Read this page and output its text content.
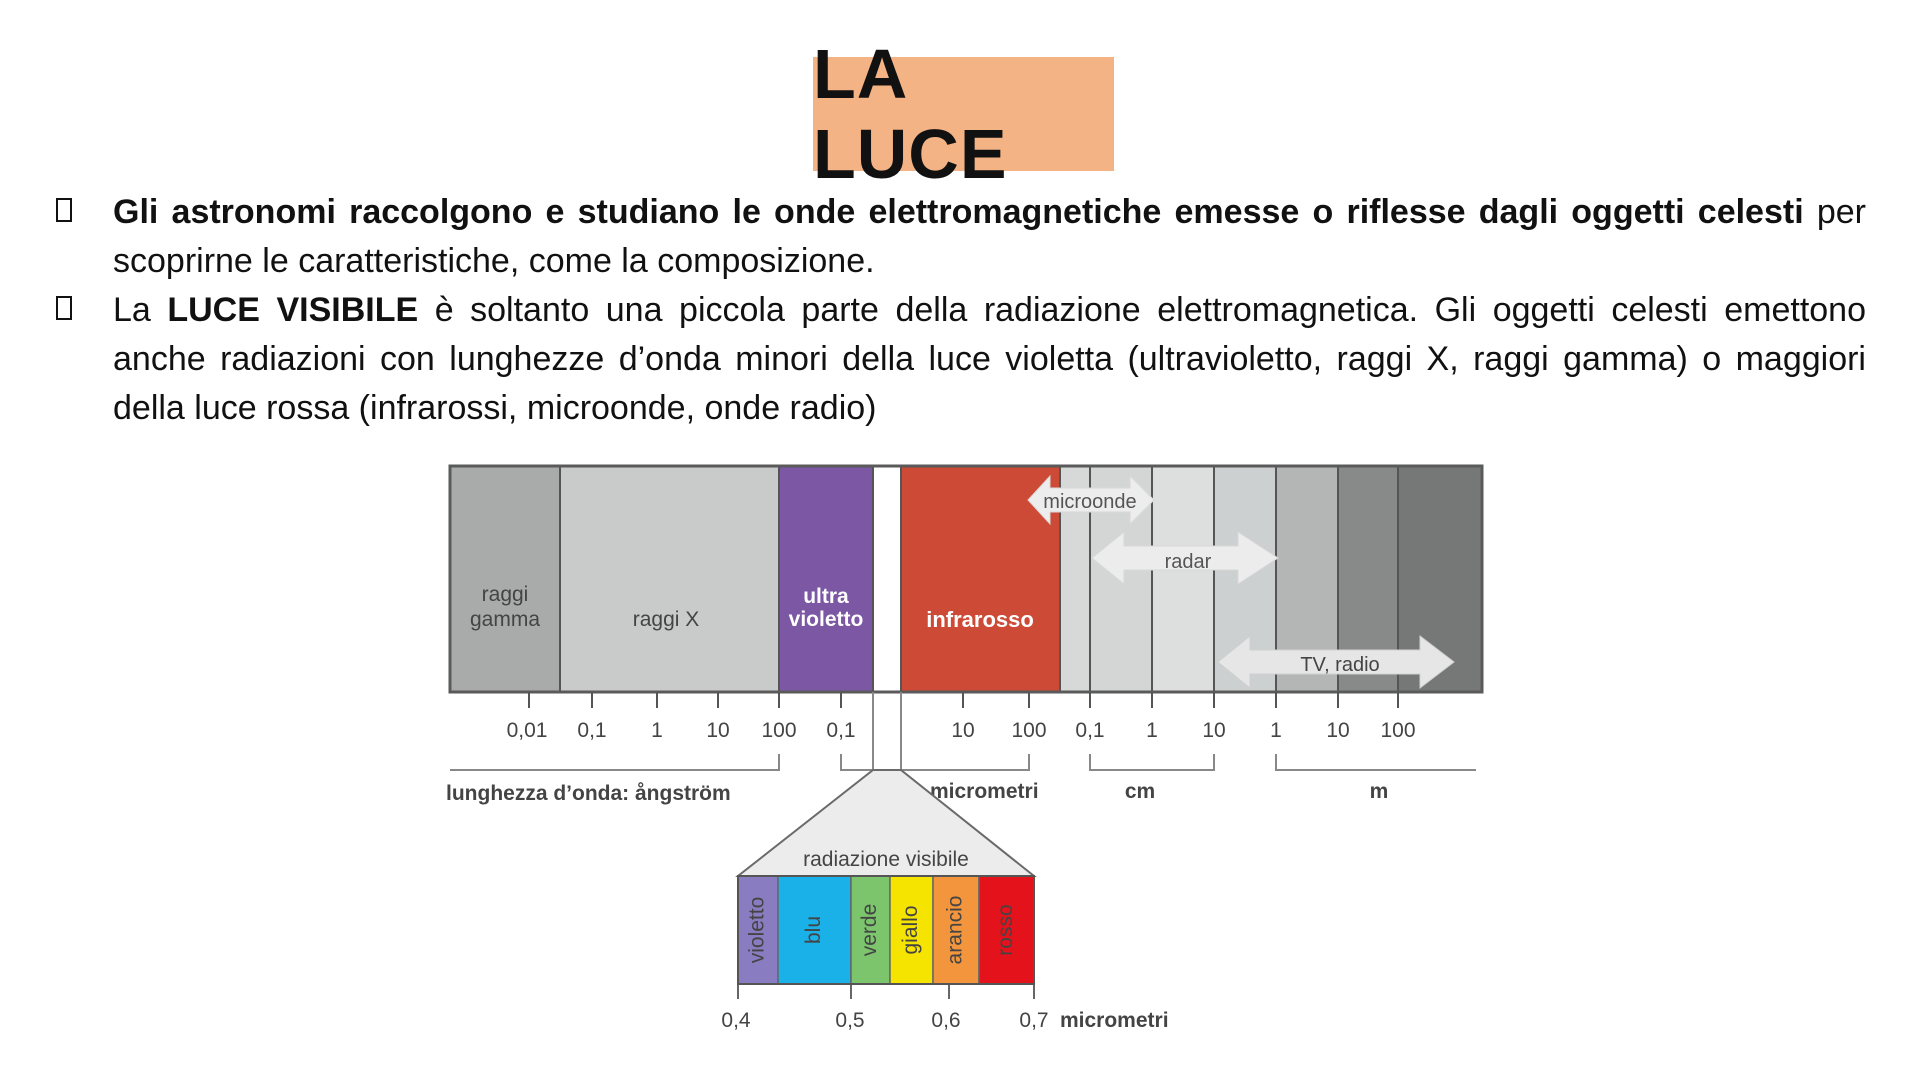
LA LUCE
Gli astronomi raccolgono e studiano le onde elettromagnetiche emesse o riflesse dagli oggetti celesti per scoprirne le caratteristiche, come la composizione.
La LUCE VISIBILE è soltanto una piccola parte della radiazione elettromagnetica. Gli oggetti celesti emettono anche radiazioni con lunghezze d’onda minori della luce violetta (ultravioletto, raggi X, raggi gamma) o maggiori della luce rossa (infrarossi, microonde, onde radio)
raggi
gamma	raggi X
ultra
violetto	infrarosso
microonde
radar
TV, radio
0,01 0,1 1 10 100 0,1	10 100 0,1 1 10 1 10 100
lunghezza d’onda: ångström	micrometri	cm	m
radiazione visibile
violetto blu verde giallo arancio rosso
0,4	0,5	0,6	0,7 micrometri
